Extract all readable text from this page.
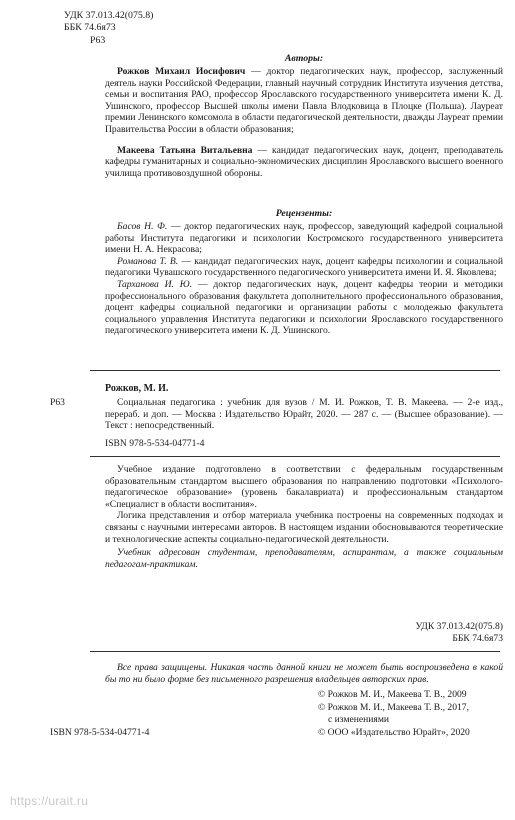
УДК 37.013.42(075.8)
ББК 74.6я73
Р63
Авторы:

Рожков Михаил Иосифович — доктор педагогических наук, профессор, заслуженный деятель науки Российской Федерации, главный научный сотрудник Института изучения детства, семьи и воспитания РАО, профессор Ярославского государственного университета имени К. Д. Ушинского, профессор Высшей школы имени Павла Влодковица в Плоцке (Польша). Лауреат премии Ленинского комсомола в области педагогической деятельности, дважды Лауреат премии Правительства России в области образования;

Макеева Татьяна Витальевна — кандидат педагогических наук, доцент, преподаватель кафедры гуманитарных и социально-экономических дисциплин Ярославского высшего военного училища противовоздушной обороны.

Рецензенты:

Басов Н. Ф. — доктор педагогических наук, профессор, заведующий кафедрой социальной работы Института педагогики и психологии Костромского государственного университета имени Н. А. Некрасова;

Романова Т. В. — кандидат педагогических наук, доцент кафедры психологии и социальной педагогики Чувашского государственного педагогического университета имени И. Я. Яковлева;

Тарханова И. Ю. — доктор педагогических наук, доцент кафедры теории и методики профессионального образования факультета дополнительного профессионального образования, доцент кафедры социальной педагогики и организации работы с молодежью факультета социального управления Института педагогики и психологии Ярославского государственного педагогического университета имени К. Д. Ушинского.

Рожков, М. И.
Р63	Социальная педагогика : учебник для вузов / М. И. Рожков, Т. В. Макеева. — 2-е изд., перераб. и доп. — Москва : Издательство Юрайт, 2020. — 287 с. — (Высшее образование). — Текст : непосредственный.
ISBN 978-5-534-04771-4

Учебное издание подготовлено в соответствии с федеральным государственным образовательным стандартом высшего образования по направлению подготовки «Психолого-педагогическое образование» (уровень бакалавриата) и профессиональным стандартом «Специалист в области воспитания».

Логика представления и отбор материала учебника построены на современных подходах и связаны с научными интересами авторов. В настоящем издании обосновываются теоретические и технологические аспекты социально-педагогической деятельности.

Учебник адресован студентам, преподавателям, аспирантам, а также социальным педагогам-практикам.

УДК 37.013.42(075.8)
ББК 74.6я73
Все права защищены. Никакая часть данной книги не может быть воспроизведена в какой бы то ни было форме без письменного разрешения владельцев авторских прав.
© Рожков М. И., Макеева Т. В., 2009
© Рожков М. И., Макеева Т. В., 2017,
с изменениями
© ООО «Издательство Юрайт», 2020
ISBN 978-5-534-04771-4
https://urait.ru
